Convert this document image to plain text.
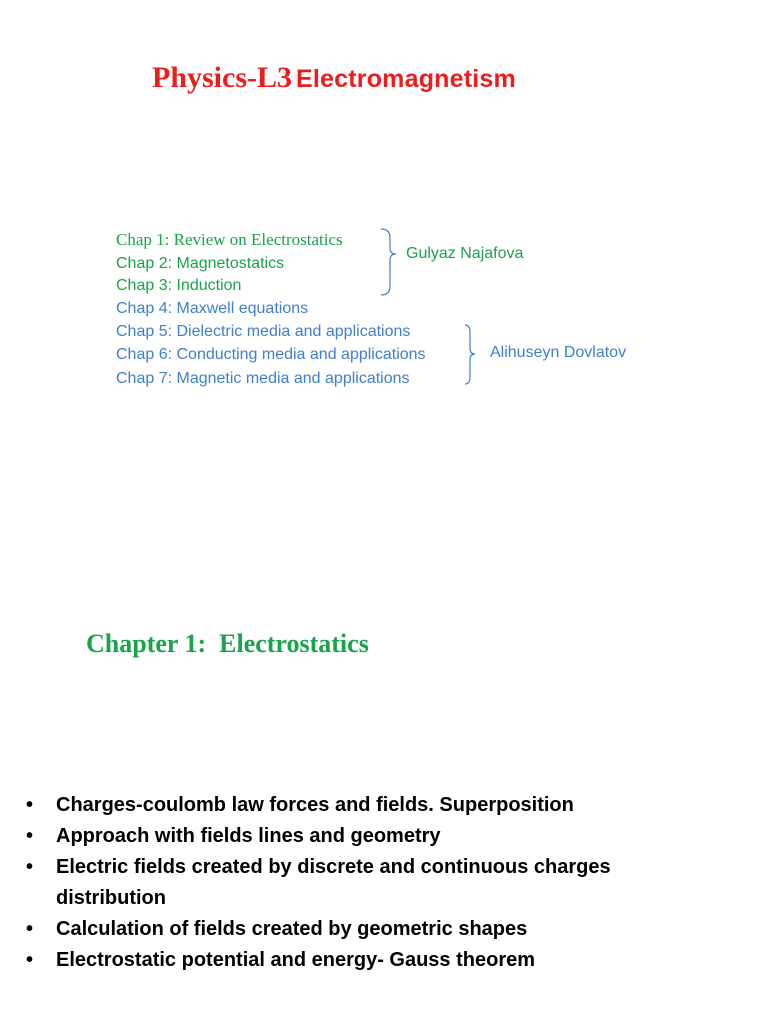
Physics-L3 Electromagnetism
Chap 1: Review on Electrostatics
Chap 2: Magnetostatics
Chap 3: Induction
Chap 4: Maxwell equations
Chap 5: Dielectric media and applications
Chap 6: Conducting media and applications
Chap 7: Magnetic media and applications
Gulyaz Najafova
Alihuseyn Dovlatov
Chapter 1:  Electrostatics
• Charges-coulomb law forces and fields. Superposition
• Approach with fields lines and geometry
• Electric fields created by discrete and continuous charges distribution
• Calculation of fields created by geometric shapes
• Electrostatic potential and energy- Gauss theorem
